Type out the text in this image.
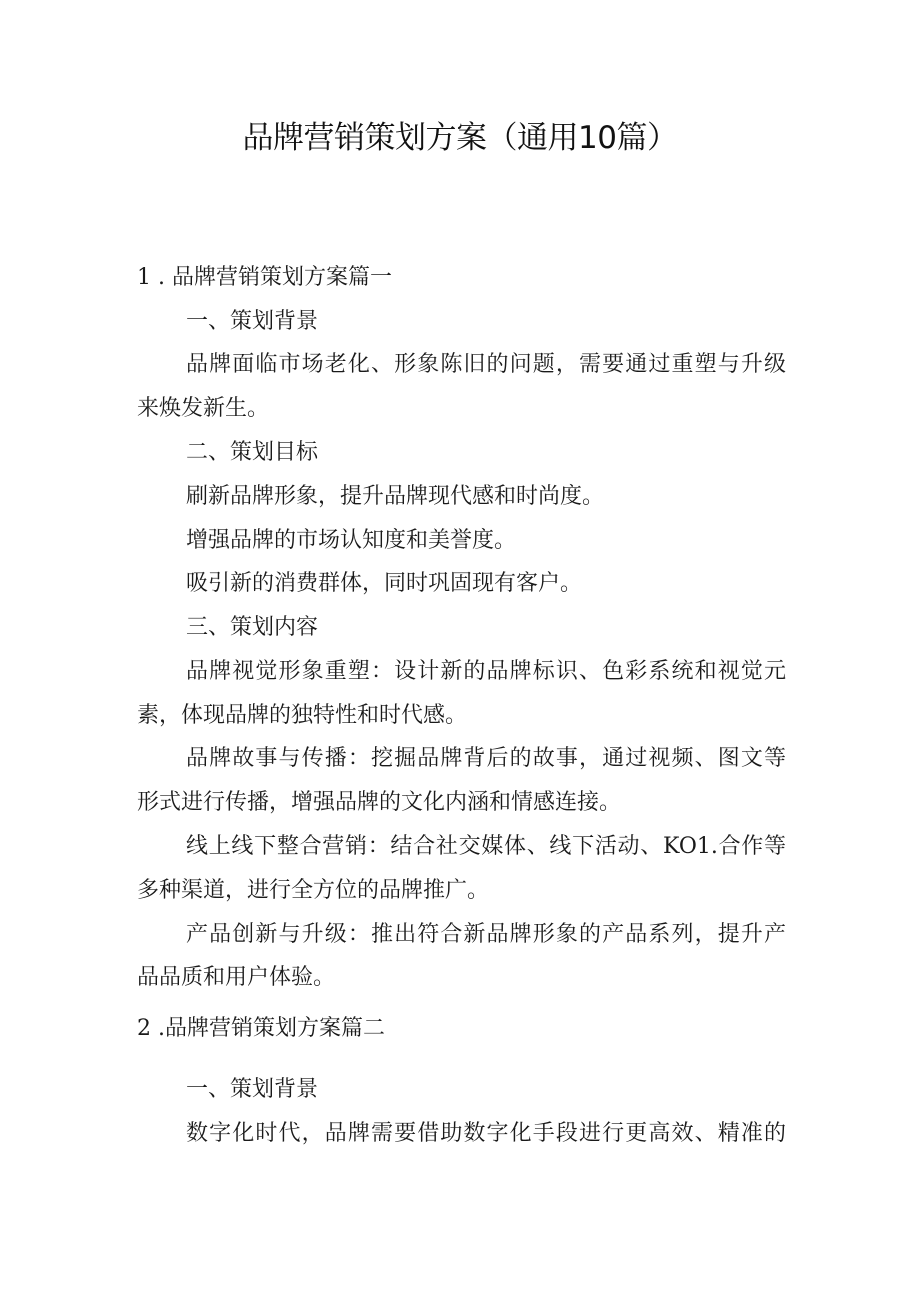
品牌营销策划方案（通用10篇）
1 . 品牌营销策划方案篇一
一、策划背景
品牌面临市场老化、形象陈旧的问题，需要通过重塑与升级
来焕发新生。
二、策划目标
刷新品牌形象，提升品牌现代感和时尚度。
增强品牌的市场认知度和美誉度。
吸引新的消费群体，同时巩固现有客户。
三、策划内容
品牌视觉形象重塑：设计新的品牌标识、色彩系统和视觉元
素，体现品牌的独特性和时代感。
品牌故事与传播：挖掘品牌背后的故事，通过视频、图文等
形式进行传播，增强品牌的文化内涵和情感连接。
线上线下整合营销：结合社交媒体、线下活动、KO1.合作等
多种渠道，进行全方位的品牌推广。
产品创新与升级：推出符合新品牌形象的产品系列，提升产
品品质和用户体验。
2 .品牌营销策划方案篇二
一、策划背景
数字化时代，品牌需要借助数字化手段进行更高效、精准的
